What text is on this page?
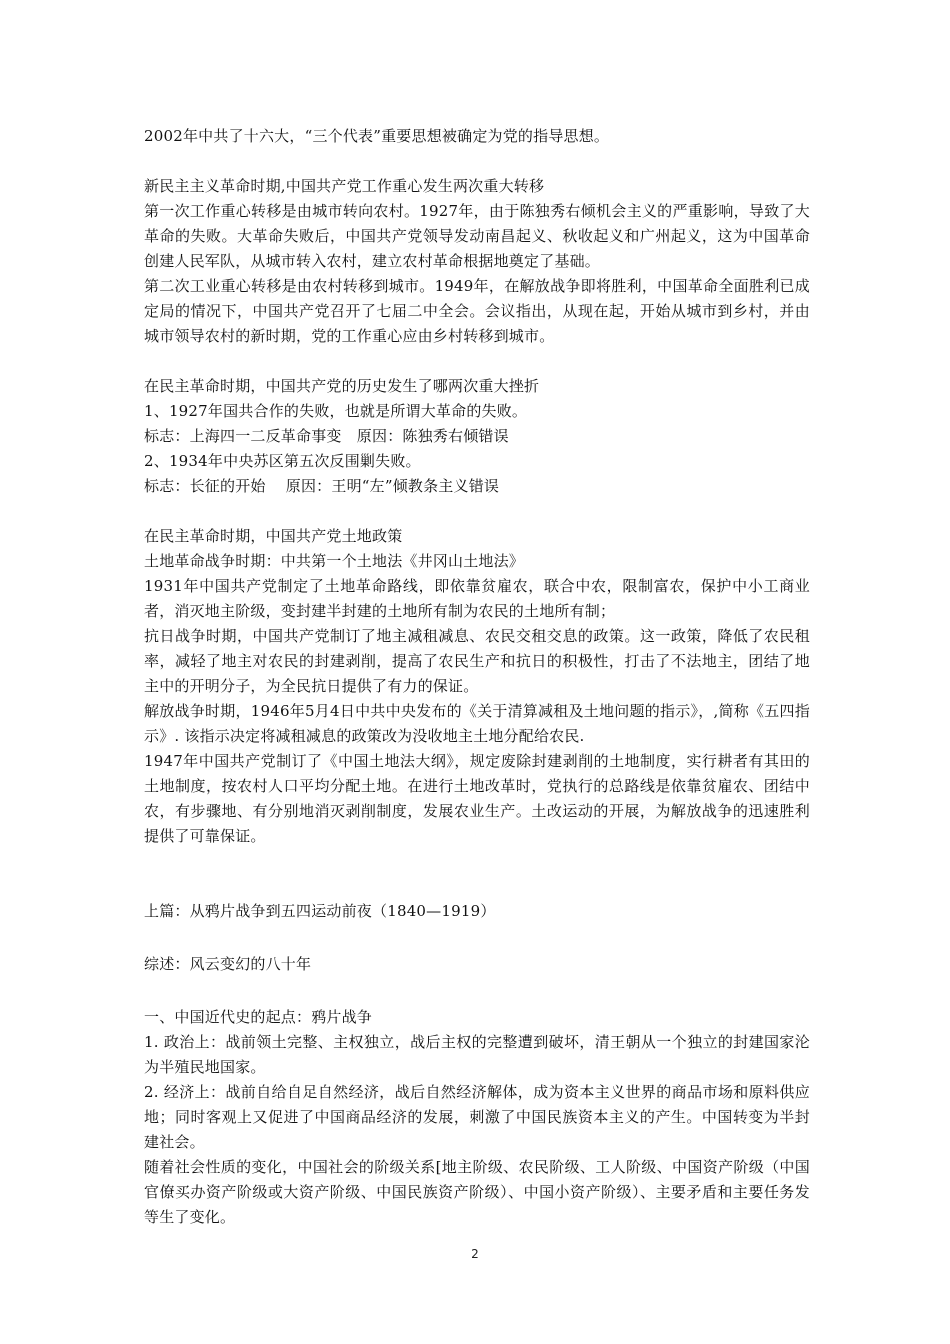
2002年中共了十六大，“三个代表”重要思想被确定为党的指导思想。

新民主主义革命时期,中国共产党工作重心发生两次重大转移

第一次工作重心转移是由城市转向农村。1927年，由于陈独秀右倾机会主义的严重影响，导致了大革命的失败。大革命失败后，中国共产党领导发动南昌起义、秋收起义和广州起义，这为中国革命创建人民军队，从城市转入农村，建立农村革命根据地奠定了基础。

第二次工业重心转移是由农村转移到城市。1949年，在解放战争即将胜利，中国革命全面胜利已成定局的情况下，中国共产党召开了七届二中全会。会议指出，从现在起，开始从城市到乡村，并由城市领导农村的新时期，党的工作重心应由乡村转移到城市。

在民主革命时期，中国共产党的历史发生了哪两次重大挫折

1、1927年国共合作的失败，也就是所谓大革命的失败。

标志：上海四一二反革命事变　原因：陈独秀右倾错误

2、1934年中央苏区第五次反围剿失败。

标志：长征的开始　 原因：王明“左”倾教条主义错误

在民主革命时期，中国共产党土地政策

土地革命战争时期：中共第一个土地法《井冈山土地法》

1931年中国共产党制定了土地革命路线，即依靠贫雇农，联合中农，限制富农，保护中小工商业者，消灭地主阶级，变封建半封建的土地所有制为农民的土地所有制；

抗日战争时期，中国共产党制订了地主减租减息、农民交租交息的政策。这一政策，降低了农民租率，减轻了地主对农民的封建剥削，提高了农民生产和抗日的积极性，打击了不法地主，团结了地主中的开明分子，为全民抗日提供了有力的保证。

解放战争时期，1946年5月4日中共中央发布的《关于清算减租及土地问题的指示》，,简称《五四指示》. 该指示决定将减租减息的政策改为没收地主土地分配给农民.

1947年中国共产党制订了《中国土地法大纲》，规定废除封建剥削的土地制度，实行耕者有其田的土地制度，按农村人口平均分配土地。在进行土地改革时，党执行的总路线是依靠贫雇农、团结中农，有步骤地、有分别地消灭剥削制度，发展农业生产。土改运动的开展，为解放战争的迅速胜利提供了可靠保证。

上篇：从鸦片战争到五四运动前夜（1840—1919）

综述：风云变幻的八十年

一、中国近代史的起点：鸦片战争

1. 政治上：战前领土完整、主权独立，战后主权的完整遭到破坏，清王朝从一个独立的封建国家沦为半殖民地国家。

2. 经济上：战前自给自足自然经济，战后自然经济解体，成为资本主义世界的商品市场和原料供应地；同时客观上又促进了中国商品经济的发展，刺激了中国民族资本主义的产生。中国转变为半封建社会。

随着社会性质的变化，中国社会的阶级关系[地主阶级、农民阶级、工人阶级、中国资产阶级（中国官僚买办资产阶级或大资产阶级、中国民族资产阶级）、中国小资产阶级）、主要矛盾和主要任务发等生了变化。

2
